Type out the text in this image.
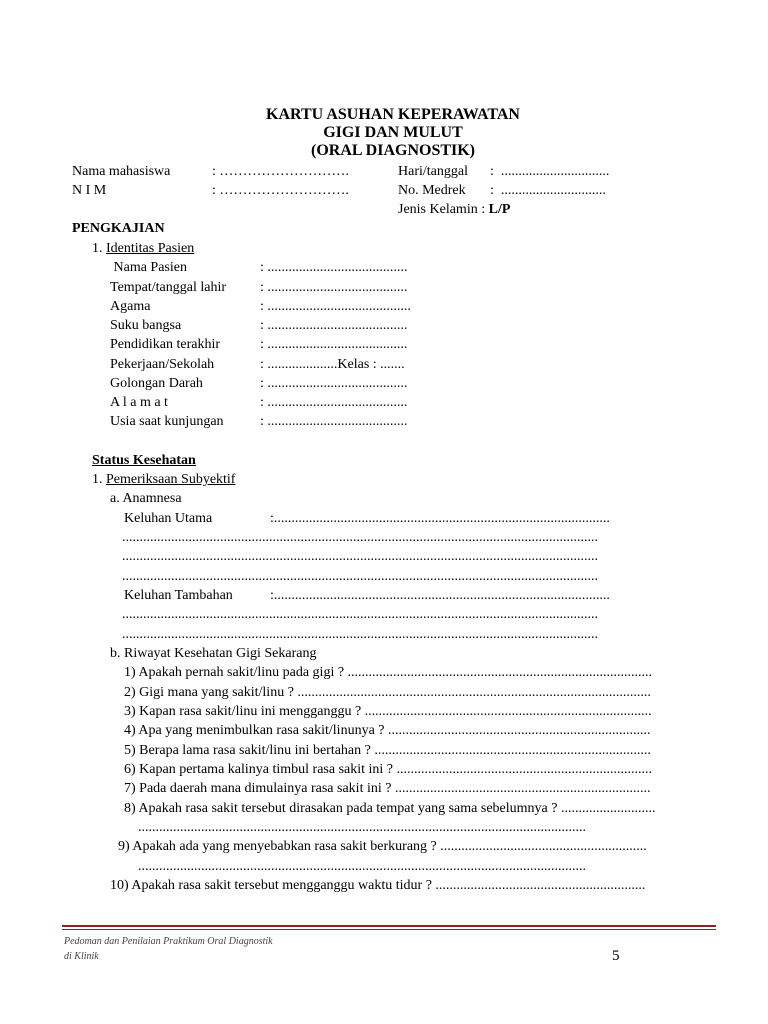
KARTU ASUHAN KEPERAWATAN
GIGI DAN MULUT
(ORAL DIAGNOSTIK)
Nama mahasiswa	: ……………………….
N I M	: ……………………….
Hari/tanggal :  ...............................
No. Medrek :  ..............................
Jenis Kelamin : L/P
PENGKAJIAN
1. Identitas Pasien
Nama Pasien	: ........................................
Tempat/tanggal lahir : ........................................
Agama	: .........................................
Suku bangsa	: ........................................
Pendidikan terakhir	: ........................................
Pekerjaan/Sekolah	: ....................Kelas : .......
Golongan Darah	: ........................................
A l a m a t	: ........................................
Usia saat kunjungan	: ........................................
Status Kesehatan
1. Pemeriksaan Subyektif
a. Anamnesa
Keluhan Utama	:................................................................................................
........................................................................................................................................
........................................................................................................................................
........................................................................................................................................
Keluhan Tambahan	:................................................................................................
........................................................................................................................................
........................................................................................................................................
b. Riwayat Kesehatan Gigi Sekarang
1) Apakah pernah sakit/linu pada gigi ? .......................................................................................
2) Gigi mana yang sakit/linu ? .....................................................................................................
3) Kapan rasa sakit/linu ini mengganggu ? ..................................................................................
4) Apa yang menimbulkan rasa sakit/linunya ? ...........................................................................
5) Berapa lama rasa sakit/linu ini bertahan ? ...............................................................................
6) Kapan pertama kalinya timbul rasa sakit ini ? .........................................................................
7) Pada daerah mana dimulainya rasa sakit ini ? .........................................................................
8) Apakah rasa sakit tersebut dirasakan pada tempat yang sama sebelumnya ? ...........................
................................................................................................................................
9) Apakah ada yang menyebabkan rasa sakit berkurang ? ...........................................................
................................................................................................................................
10) Apakah rasa sakit tersebut mengganggu waktu tidur ? ............................................................
Pedoman dan Penilaian Praktikum Oral Diagnostik
di Klinik	5
